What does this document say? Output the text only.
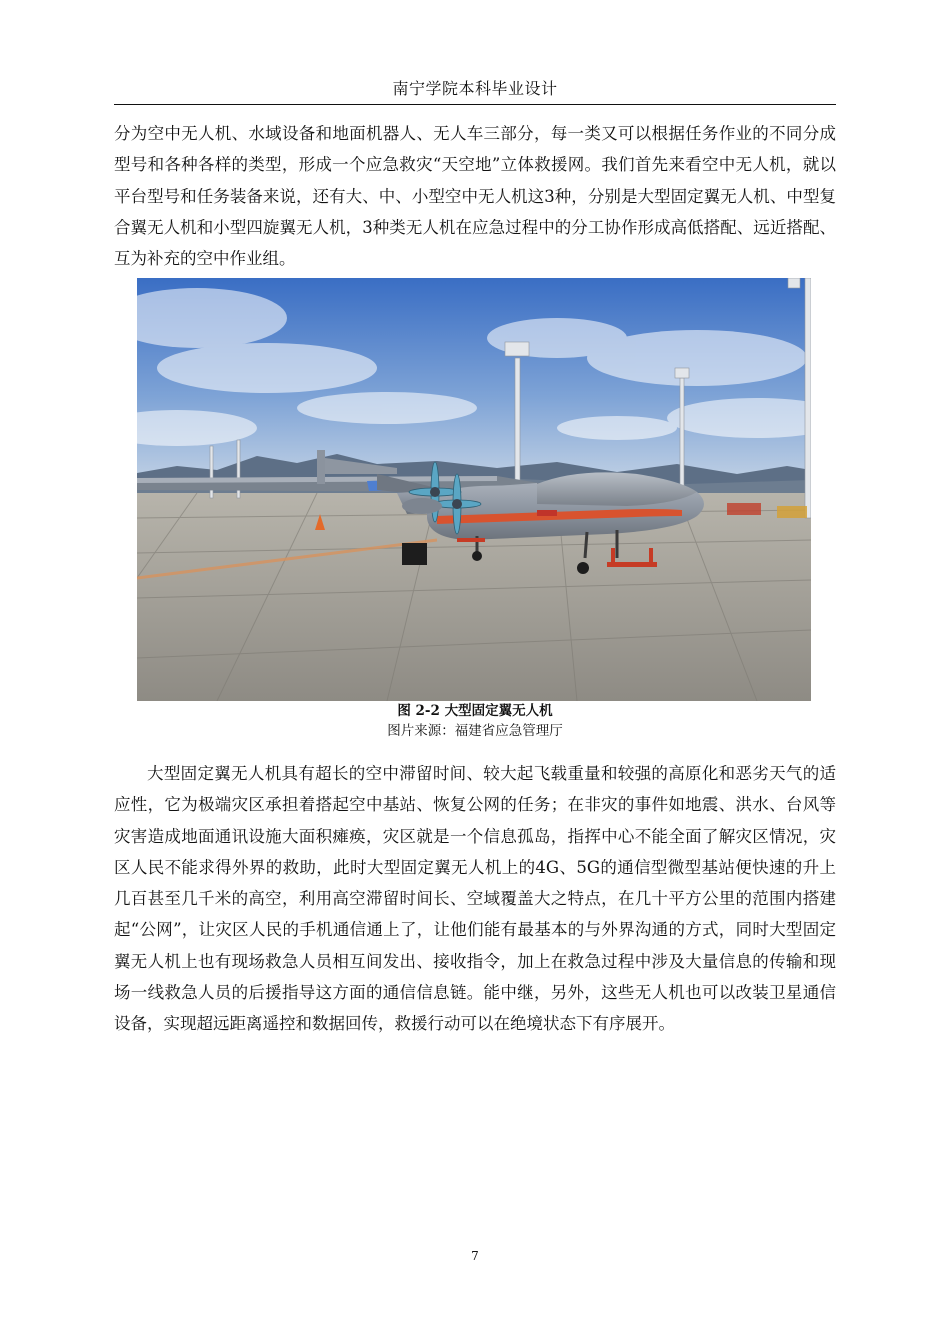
南宁学院本科毕业设计

分为空中无人机、水域设备和地面机器人、无人车三部分，每一类又可以根据任务作业的不同分成型号和各种各样的类型，形成一个应急救灾“天空地”立体救援网。我们首先来看空中无人机，就以平台型号和任务装备来说，还有大、中、小型空中无人机这3种，分别是大型固定翼无人机、中型复合翼无人机和小型四旋翼无人机，3种类无人机在应急过程中的分工协作形成高低搭配、远近搭配、互为补充的空中作业组。

图 2-2 大型固定翼无人机

图片来源：福建省应急管理厅

大型固定翼无人机具有超长的空中滞留时间、较大起飞载重量和较强的高原化和恶劣天气的适应性，它为极端灾区承担着搭起空中基站、恢复公网的任务；在非灾的事件如地震、洪水、台风等灾害造成地面通讯设施大面积瘫痪，灾区就是一个信息孤岛，指挥中心不能全面了解灾区情况，灾区人民不能求得外界的救助，此时大型固定翼无人机上的4G、5G的通信型微型基站便快速的升上几百甚至几千米的高空，利用高空滞留时间长、空域覆盖大之特点，在几十平方公里的范围内搭建起“公网”，让灾区人民的手机通信通上了，让他们能有最基本的与外界沟通的方式，同时大型固定翼无人机上也有现场救急人员相互间发出、接收指令，加上在救急过程中涉及大量信息的传输和现场一线救急人员的后援指导这方面的通信信息链。能中继，另外，这些无人机也可以改装卫星通信设备，实现超远距离遥控和数据回传，救援行动可以在绝境状态下有序展开。

7
